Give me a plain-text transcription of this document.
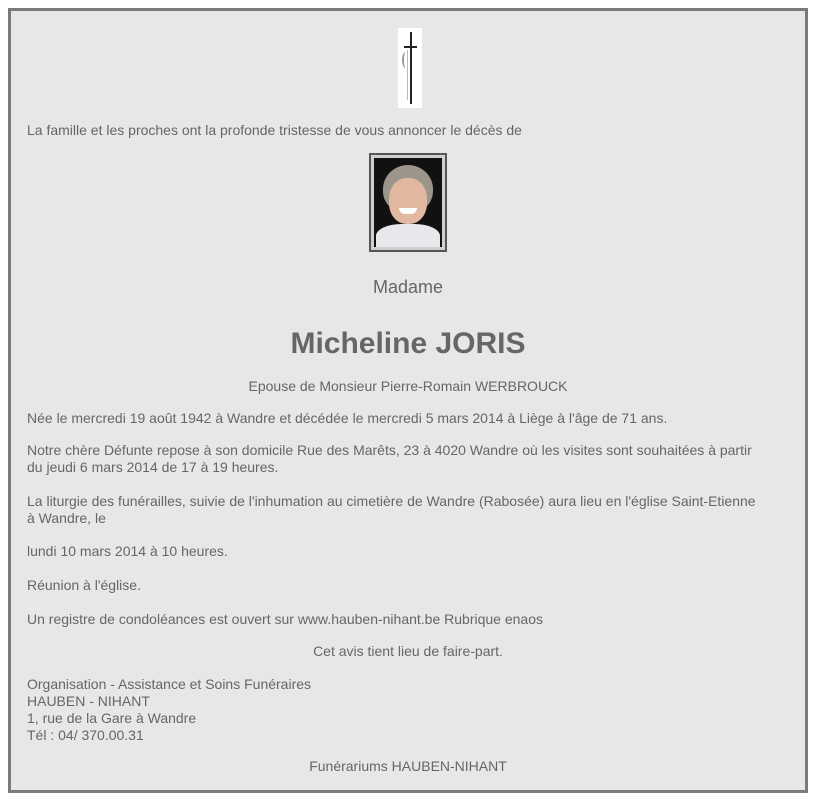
La famille et les proches ont la profonde tristesse de vous annoncer le décès de
Madame
Micheline JORIS
Epouse de Monsieur Pierre-Romain WERBROUCK
Née le mercredi 19 août 1942 à Wandre et décédée le mercredi 5 mars 2014 à Liège à l'âge de 71 ans.
Notre chère Défunte repose à son domicile Rue des Marêts, 23 à 4020 Wandre où les visites sont souhaitées à partir
du jeudi 6 mars 2014 de 17 à 19 heures.
La liturgie des funérailles, suivie de l'inhumation au cimetière de Wandre (Rabosée) aura lieu en l'église Saint-Etienne
à Wandre, le
lundi 10 mars 2014 à 10 heures.
Réunion à l'église.
Un registre de condoléances est ouvert sur www.hauben-nihant.be Rubrique enaos
Cet avis tient lieu de faire-part.
Organisation - Assistance et Soins Funéraires
HAUBEN - NIHANT
1, rue de la Gare à Wandre
Tél : 04/ 370.00.31
Funérariums HAUBEN-NIHANT
